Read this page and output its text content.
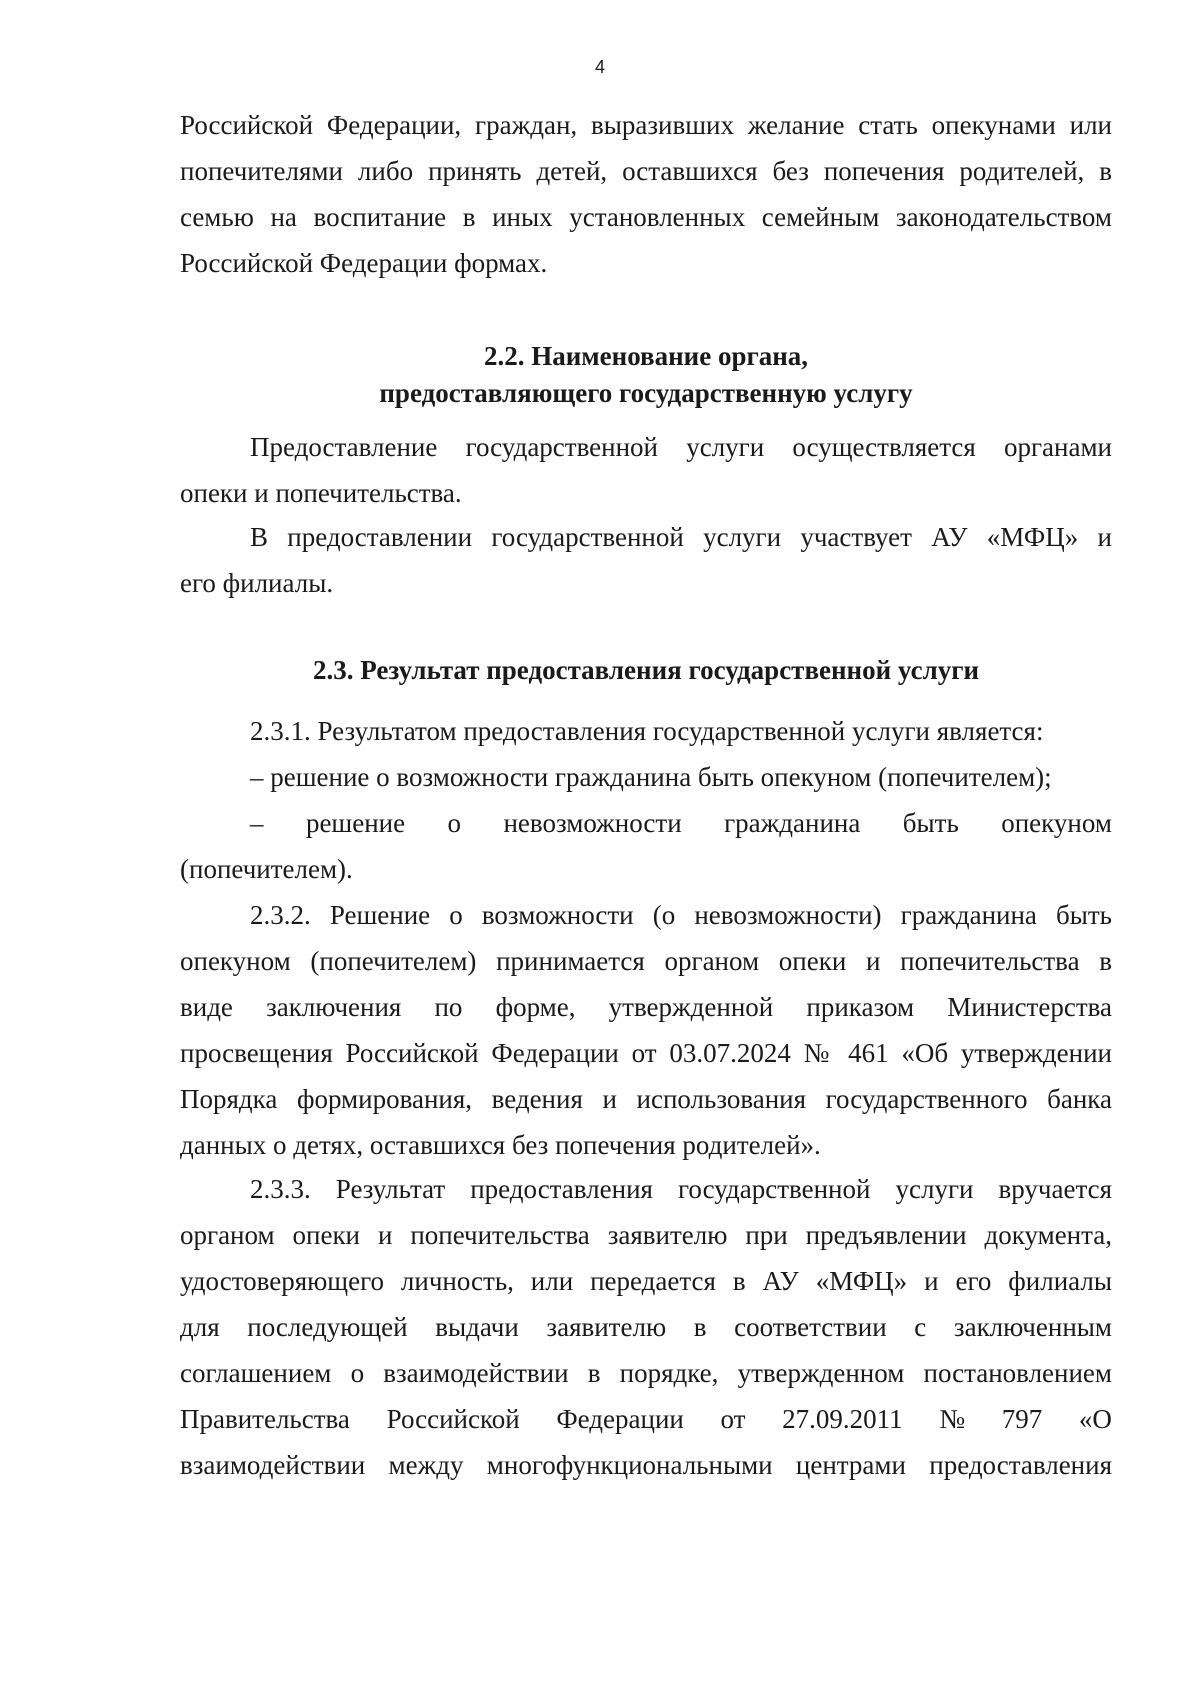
4
Российской Федерации, граждан, выразивших желание стать опекунами или
попечителями либо принять детей, оставшихся без попечения родителей, в
семью на воспитание в иных установленных семейным законодательством
Российской Федерации формах.
2.2. Наименование органа,
предоставляющего государственную услугу
Предоставление государственной услуги осуществляется органами
опеки и попечительства.
В предоставлении государственной услуги участвует АУ «МФЦ» и
его филиалы.
2.3. Результат предоставления государственной услуги
2.3.1. Результатом предоставления государственной услуги является:
– решение о возможности гражданина быть опекуном (попечителем);
– решение о невозможности гражданина быть опекуном
(попечителем).
2.3.2. Решение о возможности (о невозможности) гражданина быть
опекуном (попечителем) принимается органом опеки и попечительства в
виде заключения по форме, утвержденной приказом Министерства
просвещения Российской Федерации от 03.07.2024 № 461 «Об утверждении
Порядка формирования, ведения и использования государственного банка
данных о детях, оставшихся без попечения родителей».
2.3.3. Результат предоставления государственной услуги вручается
органом опеки и попечительства заявителю при предъявлении документа,
удостоверяющего личность, или передается в АУ «МФЦ» и его филиалы
для последующей выдачи заявителю в соответствии с заключенным
соглашением о взаимодействии в порядке, утвержденном постановлением
Правительства Российской Федерации от 27.09.2011 № 797 «О
взаимодействии между многофункциональными центрами предоставления
